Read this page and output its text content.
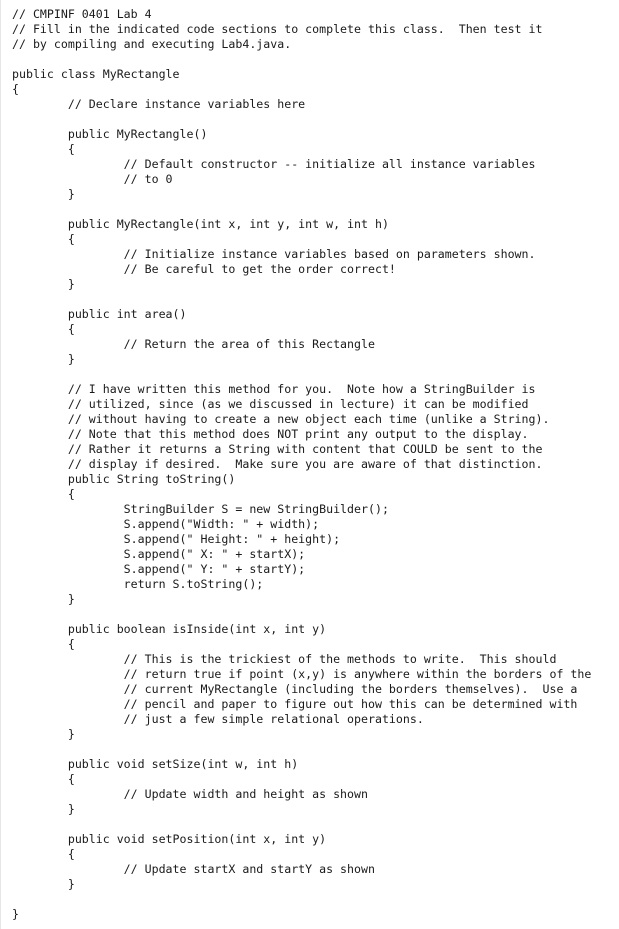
// CMPINF 0401 Lab 4
// Fill in the indicated code sections to complete this class.  Then test it
// by compiling and executing Lab4.java.
public class MyRectangle
{
// Declare instance variables here
public MyRectangle()
{
// Default constructor -- initialize all instance variables
// to 0
}
public MyRectangle(int x, int y, int w, int h)
{
// Initialize instance variables based on parameters shown.
// Be careful to get the order correct!
}
public int area()
{
// Return the area of this Rectangle
}
// I have written this method for you.  Note how a StringBuilder is
// utilized, since (as we discussed in lecture) it can be modified
// without having to create a new object each time (unlike a String).
// Note that this method does NOT print any output to the display.
// Rather it returns a String with content that COULD be sent to the
// display if desired.  Make sure you are aware of that distinction.
public String toString()
{
StringBuilder S = new StringBuilder();
S.append("Width: " + width);
S.append(" Height: " + height);
S.append(" X: " + startX);
S.append(" Y: " + startY);
return S.toString();
}
public boolean isInside(int x, int y)
{
// This is the trickiest of the methods to write.  This should
// return true if point (x,y) is anywhere within the borders of the
// current MyRectangle (including the borders themselves).  Use a
// pencil and paper to figure out how this can be determined with
// just a few simple relational operations.
}
public void setSize(int w, int h)
{
// Update width and height as shown
}
public void setPosition(int x, int y)
{
// Update startX and startY as shown
}
}
